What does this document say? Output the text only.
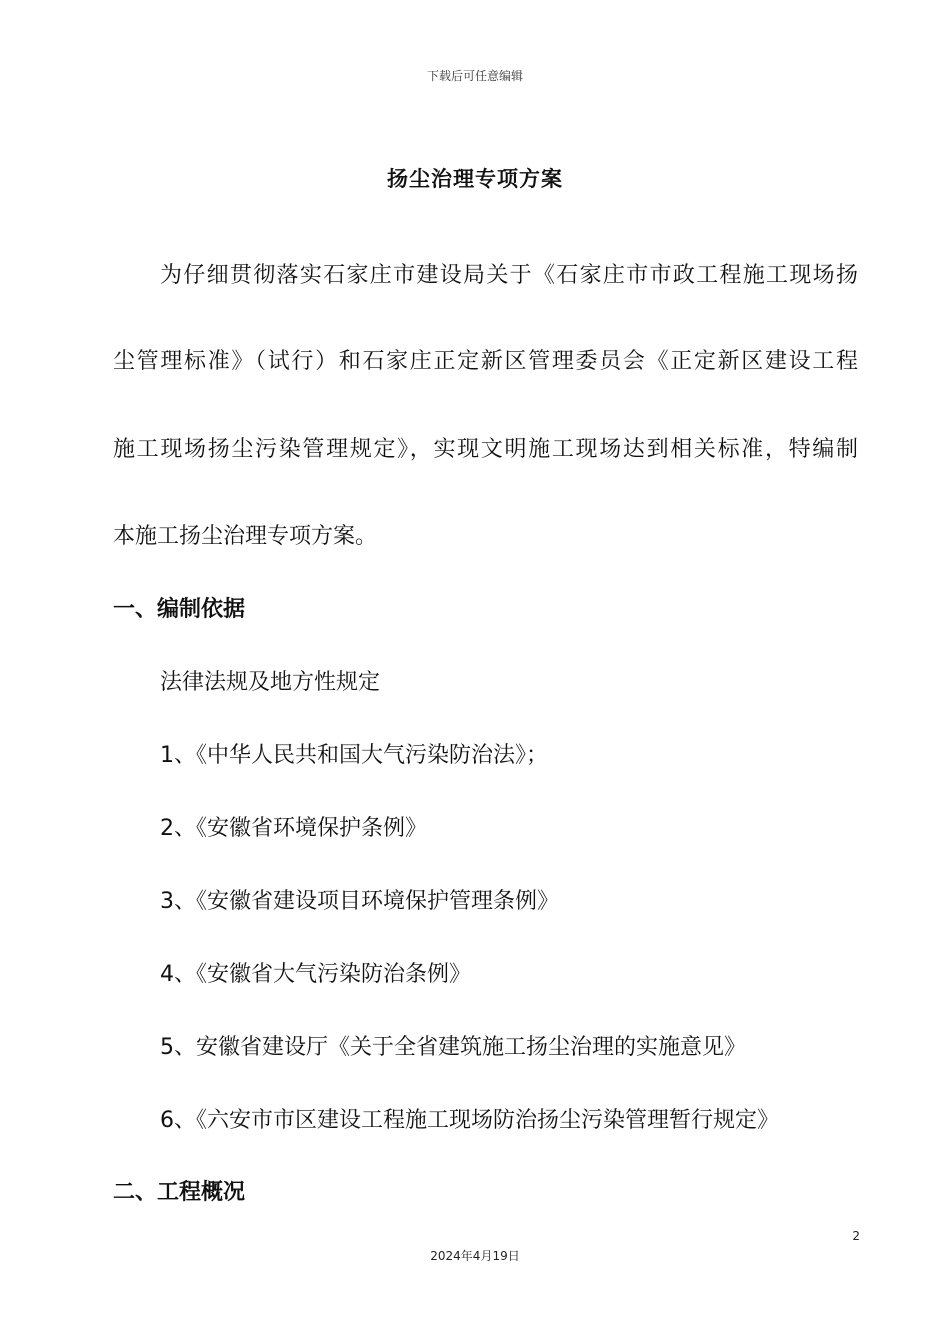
下载后可任意编辑
扬尘治理专项方案
为仔细贯彻落实石家庄市建设局关于《石家庄市市政工程施工现场扬
尘管理标准》（试行）和石家庄正定新区管理委员会《正定新区建设工程
施工现场扬尘污染管理规定》，实现文明施工现场达到相关标准，特编制
本施工扬尘治理专项方案。
一、编制依据
法律法规及地方性规定
1、《中华人民共和国大气污染防治法》；
2、《安徽省环境保护条例》
3、《安徽省建设项目环境保护管理条例》
4、《安徽省大气污染防治条例》
5、安徽省建设厅《关于全省建筑施工扬尘治理的实施意见》
6、《六安市市区建设工程施工现场防治扬尘污染管理暂行规定》
二、工程概况
2
2024年4月19日
